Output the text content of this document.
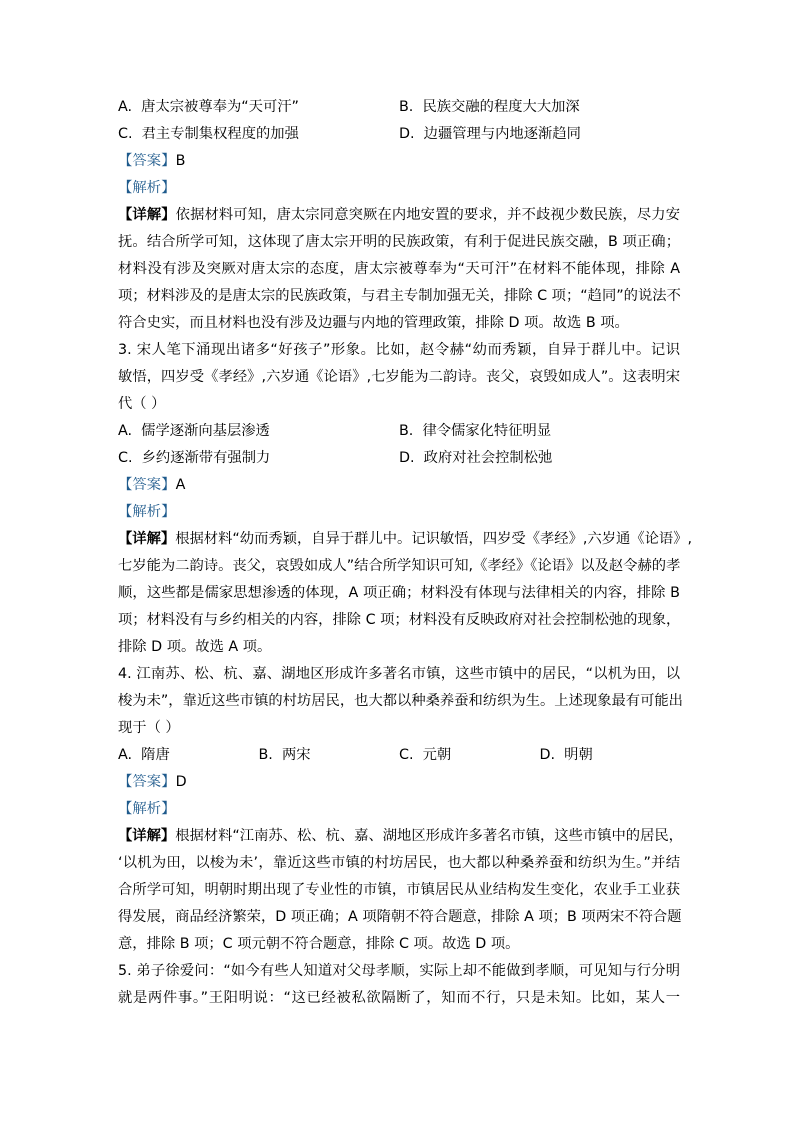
A. 唐太宗被尊奉为“天可汗”	B. 民族交融的程度大大加深
C. 君主专制集权程度的加强	D. 边疆管理与内地逐渐趋同
【答案】B
【解析】
【详解】依据材料可知，唐太宗同意突厥在内地安置的要求，并不歧视少数民族，尽力安
抚。结合所学可知，这体现了唐太宗开明的民族政策，有利于促进民族交融，B 项正确；
材料没有涉及突厥对唐太宗的态度，唐太宗被尊奉为“天可汗”在材料不能体现，排除 A
项；材料涉及的是唐太宗的民族政策，与君主专制加强无关，排除 C 项；“趋同”的说法不
符合史实，而且材料也没有涉及边疆与内地的管理政策，排除 D 项。故选 B 项。
3. 宋人笔下涌现出诸多“好孩子”形象。比如，赵令赫“幼而秀颖，自异于群儿中。记识
敏悟，四岁受《孝经》,六岁通《论语》,七岁能为二韵诗。丧父，哀毁如成人”。这表明宋
代（ ）
A. 儒学逐渐向基层渗透	B. 律令儒家化特征明显
C. 乡约逐渐带有强制力	D. 政府对社会控制松弛
【答案】A
【解析】
【详解】根据材料“幼而秀颖，自异于群儿中。记识敏悟，四岁受《孝经》,六岁通《论语》,
七岁能为二韵诗。丧父，哀毁如成人”结合所学知识可知,《孝经》《论语》以及赵令赫的孝
顺，这些都是儒家思想渗透的体现，A 项正确；材料没有体现与法律相关的内容，排除 B
项；材料没有与乡约相关的内容，排除 C 项；材料没有反映政府对社会控制松弛的现象，
排除 D 项。故选 A 项。
4. 江南苏、松、杭、嘉、湖地区形成许多著名市镇，这些市镇中的居民，“以机为田，以
梭为未”，靠近这些市镇的村坊居民，也大都以种桑养蚕和纺织为生。上述现象最有可能出
现于（ ）
A. 隋唐	B. 两宋	C. 元朝	D. 明朝
【答案】D
【解析】
【详解】根据材料“江南苏、松、杭、嘉、湖地区形成许多著名市镇，这些市镇中的居民，
‘以机为田，以梭为未’，靠近这些市镇的村坊居民，也大都以种桑养蚕和纺织为生。”并结
合所学可知，明朝时期出现了专业性的市镇，市镇居民从业结构发生变化，农业手工业获
得发展，商品经济繁荣，D 项正确；A 项隋朝不符合题意，排除 A 项；B 项两宋不符合题
意，排除 B 项；C 项元朝不符合题意，排除 C 项。故选 D 项。
5. 弟子徐爱问：“如今有些人知道对父母孝顺，实际上却不能做到孝顺，可见知与行分明
就是两件事。”王阳明说：“这已经被私欲隔断了，知而不行，只是未知。比如，某人一
